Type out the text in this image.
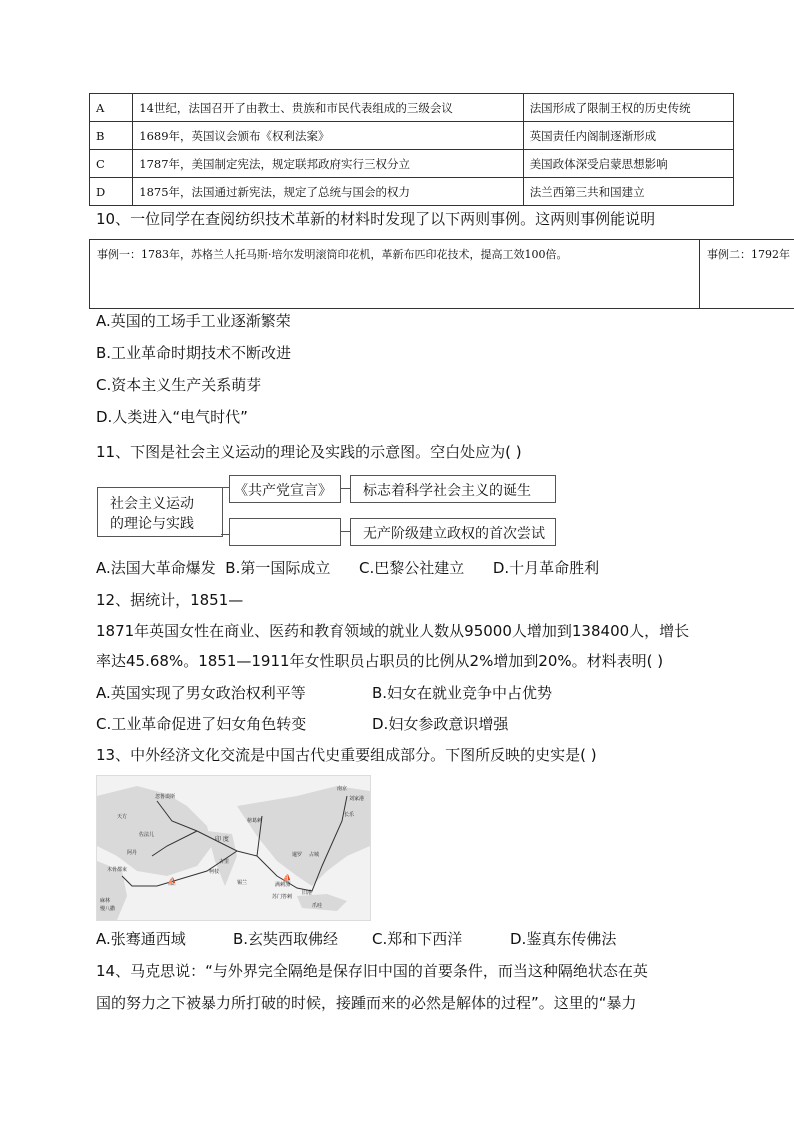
A	14世纪，法国召开了由教士、贵族和市民代表组成的三级会议	法国形成了限制王权的历史传统
B	1689年，英国议会颁布《权利法案》	英国责任内阁制逐渐形成
C	1787年，美国制定宪法，规定联邦政府实行三权分立	美国政体深受启蒙思想影响
D	1875年，法国通过新宪法，规定了总统与国会的权力	法兰西第三共和国建立
10、一位同学在查阅纺织技术革新的材料时发现了以下两则事例。这两则事例能说明
事例一：1783年，苏格兰人托马斯·培尔发明滚筒印花机，革新布匹印花技术，提高工效100倍。	事例二：1792年
A.英国的工场手工业逐渐繁荣
B.工业革命时期技术不断改进
C.资本主义生产关系萌芽
D.人类进入“电气时代”
11、下图是社会主义运动的理论及实践的示意图。空白处应为( )
社会主义运动
的理论与实践
《共产党宣言》 标志着科学社会主义的诞生
无产阶级建立政权的首次尝试
A.法国大革命爆发  B.第一国际成立      C.巴黎公社建立      D.十月革命胜利
12、据统计，1851—
1871年英国女性在商业、医药和教育领域的就业人数从95000人增加到138400人，增长
率达45.68%。1851—1911年女性职员占职员的比例从2%增加到20%。材料表明( )
A.英国实现了男女政治权利平等	B.妇女在就业竞争中占优势
C.工业革命促进了妇女角色转变	D.妇女参政意识增强
13、中外经济文化交流是中国古代史重要组成部分。下图所反映的史实是( )
⛵	⛵
忽鲁谟斯
天方
佐法儿
阿丹
印 度
柯枝
古里
榜葛剌
暹罗 占城
满剌加
木骨都束
麻林
慢八撒
锡兰
旧港
爪哇
苏门答剌
南京
刘家港
长乐
A.张骞通西域	B.玄奘西取佛经 C.郑和下西洋	D.鉴真东传佛法
14、马克思说：“与外界完全隔绝是保存旧中国的首要条件，而当这种隔绝状态在英
国的努力之下被暴力所打破的时候，接踵而来的必然是解体的过程”。这里的“暴力
